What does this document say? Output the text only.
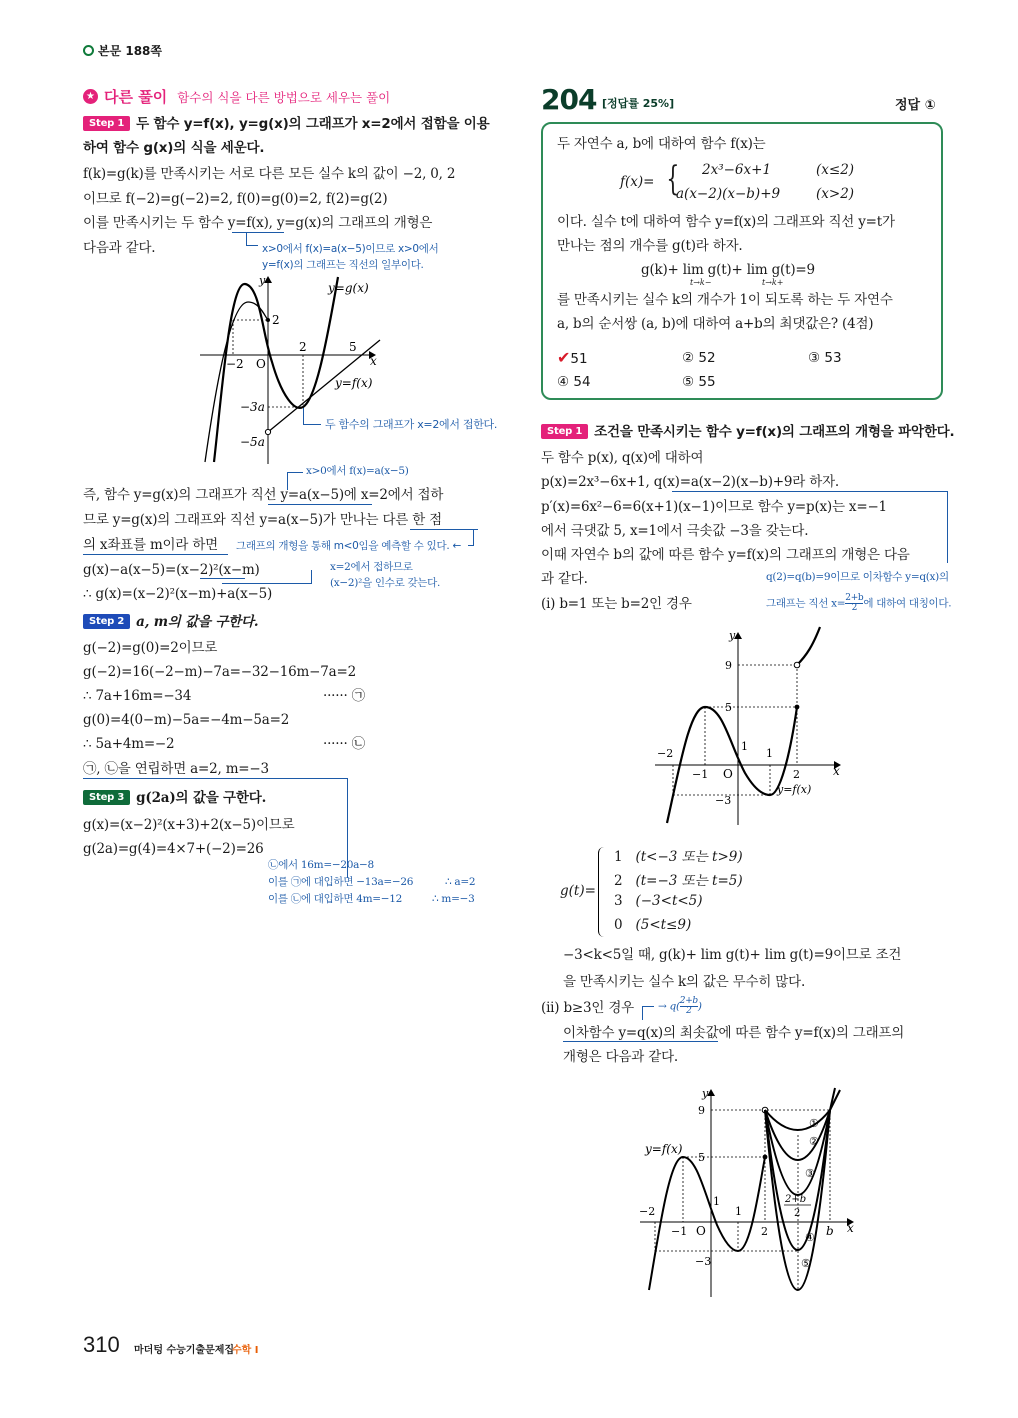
본문 188쪽
★ 다른 풀이 함수의 식을 다른 방법으로 세우는 풀이
Step 1 두 함수 y=f(x), y=g(x)의 그래프가 x=2에서 접함을 이용
하여 함수 g(x)의 식을 세운다.
f(k)=g(k)를 만족시키는 서로 다른 모든 실수 k의 값이 −2, 0, 2
이므로 f(−2)=g(−2)=2, f(0)=g(0)=2, f(2)=g(2)
이를 만족시키는 두 함수 y=f(x), y=g(x)의 그래프의 개형은
다음과 같다.	x>0에서 f(x)=a(x−5)이므로 x>0에서
y=f(x)의 그래프는 직선의 일부이다.
y
x
O
−2
2
2	5
−3a
−5a
y=g(x)
y=f(x)
두 함수의 그래프가 x=2에서 접한다.
x>0에서 f(x)=a(x−5)
즉, 함수 y=g(x)의 그래프가 직선 y=a(x−5)에 x=2에서 접하
므로 y=g(x)의 그래프와 직선 y=a(x−5)가 만나는 다른 한 점
의 x좌표를 m이라 하면 그래프의 개형을 통해 m<0임을 예측할 수 있다. ←
g(x)−a(x−5)=(x−2)²(x−m)
∴ g(x)=(x−2)²(x−m)+a(x−5)
x=2에서 접하므로
(x−2)²을 인수로 갖는다.
Step 2 a, m의 값을 구한다.
g(−2)=g(0)=2이므로
g(−2)=16(−2−m)−7a=−32−16m−7a=2
∴ 7a+16m=−34	······ ㉠
g(0)=4(0−m)−5a=−4m−5a=2
∴ 5a+4m=−2	······ ㉡
㉠, ㉡을 연립하면 a=2, m=−3
Step 3 g(2a)의 값을 구한다.
g(x)=(x−2)²(x+3)+2(x−5)이므로
g(2a)=g(4)=4×7+(−2)=26
㉡에서 16m=−20a−8
이를 ㉠에 대입하면 −13a=−26	∴ a=2
이를 ㉡에 대입하면 4m=−12	∴ m=−3
204 [정답률 25%]	정답 ①
두 자연수 a, b에 대하여 함수 f(x)는
f(x)= { 2x³−6x+1	(x≤2)
a(x−2)(x−b)+9	(x>2)
이다. 실수 t에 대하여 함수 y=f(x)의 그래프와 직선 y=t가
만나는 점의 개수를 g(t)라 하자.
g(k)+ lim g(t)+ lim g(t)=9
t→k−	t→k+
를 만족시키는 실수 k의 개수가 1이 되도록 하는 두 자연수
a, b의 순서쌍 (a, b)에 대하여 a+b의 최댓값은? (4점)
✔51	② 52	③ 53
④ 54	⑤ 55
Step 1 조건을 만족시키는 함수 y=f(x)의 그래프의 개형을 파악한다.
두 함수 p(x), q(x)에 대하여
p(x)=2x³−6x+1, q(x)=a(x−2)(x−b)+9라 하자.
p′(x)=6x²−6=6(x+1)(x−1)이므로 함수 y=p(x)는 x=−1
에서 극댓값 5, x=1에서 극솟값 −3을 갖는다.
이때 자연수 b의 값에 따른 함수 y=f(x)의 그래프의 개형은 다음
과 같다.
(i) b=1 또는 b=2인 경우
q(2)=q(b)=9이므로 이차함수 y=q(x)의
그래프는 직선 $x= \frac{2+b}{2}$ 에 대하여 대칭이다.
y
x
O
9
5
1
−3
−2
−1
1
2
y=f(x)
g(t)=
1 (t<−3 또는 t>9)
2 (t=−3 또는 t=5)
3 (−3<t<5)
0 (5<t≤9)
−3<k<5일 때, g(k)+ lim g(t)+ lim g(t)=9이므로 조건
을 만족시키는 실수 k의 값은 무수히 많다.
(ii) b≥3인 경우 → $q( \frac{2+b}{2}$ )
이차함수 y=q(x)의 최솟값에 따른 함수 y=f(x)의 그래프의
개형은 다음과 같다.
y
x
O
9
5
1
−3
−2
−1
1
2	b
2+b
2
y=f(x)
①
②
③
④
⑤
310 마더텅 수능기출문제집
수학 Ⅰ
